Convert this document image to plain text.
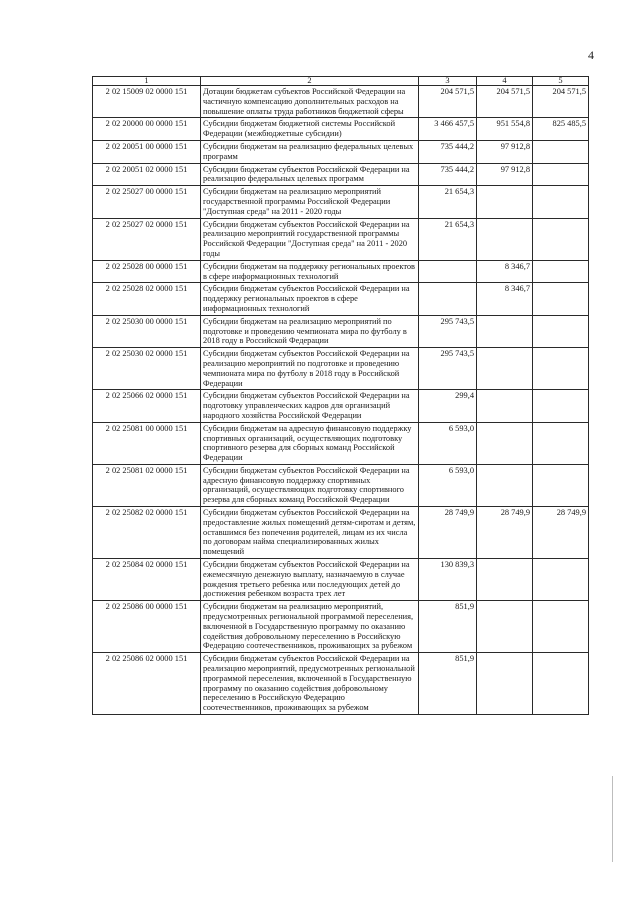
4
1	2	3	4	5
2 02 15009 02 0000 151	Дотации бюджетам субъектов Российской Федерации на частичную компенсацию дополнительных расходов на повышение оплаты труда работников бюджетной сферы	204 571,5	204 571,5	204 571,5
2 02 20000 00 0000 151	Субсидии бюджетам бюджетной системы Российской Федерации (межбюджетные субсидии)	3 466 457,5	951 554,8	825 485,5
2 02 20051 00 0000 151	Субсидии бюджетам на реализацию федеральных целевых программ	735 444,2	97 912,8	
2 02 20051 02 0000 151	Субсидии бюджетам субъектов Российской Федерации на реализацию федеральных целевых программ	735 444,2	97 912,8	
2 02 25027 00 0000 151	Субсидии бюджетам на реализацию мероприятий государственной программы Российской Федерации "Доступная среда" на 2011 - 2020 годы	21 654,3		
2 02 25027 02 0000 151	Субсидии бюджетам субъектов Российской Федерации на реализацию мероприятий государственной программы Российской Федерации "Доступная среда" на 2011 - 2020 годы	21 654,3		
2 02 25028 00 0000 151	Субсидии бюджетам на поддержку региональных проектов в сфере информационных технологий		8 346,7	
2 02 25028 02 0000 151	Субсидии бюджетам субъектов Российской Федерации на поддержку региональных проектов в сфере информационных технологий		8 346,7	
2 02 25030 00 0000 151	Субсидии бюджетам на реализацию мероприятий по подготовке и проведению чемпионата мира по футболу в 2018 году в Российской Федерации	295 743,5		
2 02 25030 02 0000 151	Субсидии бюджетам субъектов Российской Федерации на реализацию мероприятий по подготовке и проведению чемпионата мира по футболу в 2018 году в Российской Федерации	295 743,5		
2 02 25066 02 0000 151	Субсидии бюджетам субъектов Российской Федерации на подготовку управленческих кадров для организаций народного хозяйства Российской Федерации	299,4		
2 02 25081 00 0000 151	Субсидии бюджетам на адресную финансовую поддержку спортивных организаций, осуществляющих подготовку спортивного резерва для сборных команд Российской Федерации	6 593,0		
2 02 25081 02 0000 151	Субсидии бюджетам субъектов Российской Федерации на адресную финансовую поддержку спортивных организаций, осуществляющих подготовку спортивного резерва для сборных команд Российской Федерации	6 593,0		
2 02 25082 02 0000 151	Субсидии бюджетам субъектов Российской Федерации на предоставление жилых помещений детям-сиротам и детям, оставшимся без попечения родителей, лицам из их числа по договорам найма специализированных жилых помещений	28 749,9	28 749,9	28 749,9
2 02 25084 02 0000 151	Субсидии бюджетам субъектов Российской Федерации на ежемесячную денежную выплату, назначаемую в случае рождения третьего ребенка или последующих детей до достижения ребенком возраста трех лет	130 839,3		
2 02 25086 00 0000 151	Субсидии бюджетам на реализацию мероприятий, предусмотренных региональной программой переселения, включенной в Государственную программу по оказанию содействия добровольному переселению в Российскую Федерацию соотечественников, проживающих за рубежом	851,9		
2 02 25086 02 0000 151	Субсидии бюджетам субъектов Российской Федерации на реализацию мероприятий, предусмотренных региональной программой переселения, включенной в Государственную программу по оказанию содействия добровольному переселению в Российскую Федерацию соотечественников, проживающих за рубежом	851,9		
